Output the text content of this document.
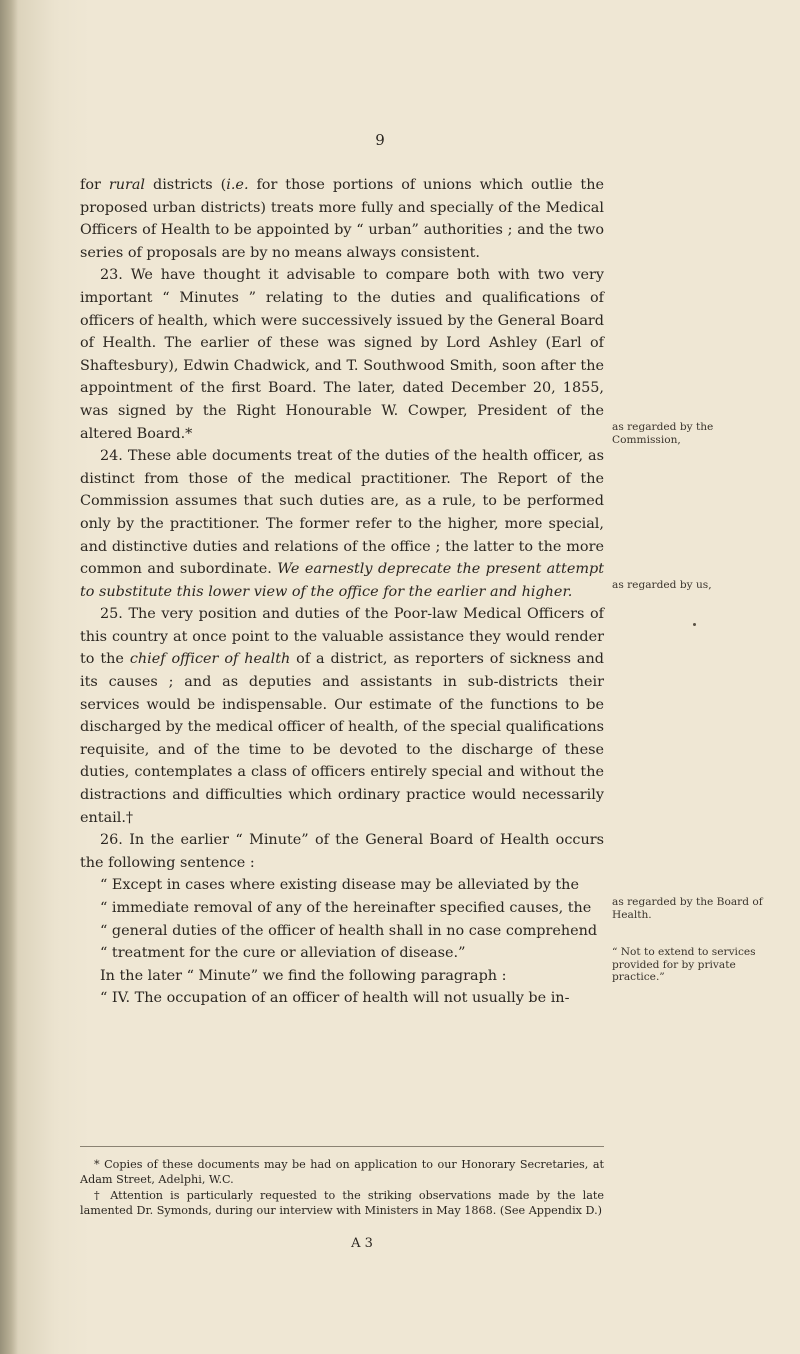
9

for rural districts (i.e. for those portions of unions which outlie the proposed urban districts) treats more fully and specially of the Medical Officers of Health to be appointed by “ urban” authorities ; and the two series of proposals are by no means always consistent.

23. We have thought it advisable to compare both with two very important “ Minutes ” relating to the duties and qualifications of officers of health, which were successively issued by the General Board of Health. The earlier of these was signed by Lord Ashley (Earl of Shaftesbury), Edwin Chadwick, and T. Southwood Smith, soon after the appointment of the first Board. The later, dated December 20, 1855, was signed by the Right Honourable W. Cowper, President of the altered Board.*

24. These able documents treat of the duties of the health officer, as distinct from those of the medical practitioner. The Report of the Commission assumes that such duties are, as a rule, to be performed only by the practitioner. The former refer to the higher, more special, and distinctive duties and relations of the office ; the latter to the more common and subordinate. We earnestly deprecate the present attempt to substitute this lower view of the office for the earlier and higher.

25. The very position and duties of the Poor-law Medical Officers of this country at once point to the valuable assistance they would render to the chief officer of health of a district, as reporters of sickness and its causes ; and as deputies and assistants in sub-districts their services would be indispensable. Our estimate of the functions to be discharged by the medical officer of health, of the special qualifications requisite, and of the time to be devoted to the discharge of these duties, contemplates a class of officers entirely special and without the distractions and difficulties which ordinary practice would necessarily entail.†

26. In the earlier “ Minute” of the General Board of Health occurs the following sentence :

“ Except in cases where existing disease may be alleviated by the
“ immediate removal of any of the hereinafter specified causes, the
“ general duties of the officer of health shall in no case comprehend
“ treatment for the cure or alleviation of disease.”

In the later “ Minute” we find the following paragraph :

“ IV. The occupation of an officer of health will not usually be in-

as regarded by the Commission,
as regarded by us,
as regarded by the Board of Health.
“ Not to extend to services provided for by private practice.”

* Copies of these documents may be had on application to our Honorary Secretaries, at Adam Street, Adelphi, W.C.

† Attention is particularly requested to the striking observations made by the late lamented Dr. Symonds, during our interview with Ministers in May 1868. (See Appendix D.)

A 3
